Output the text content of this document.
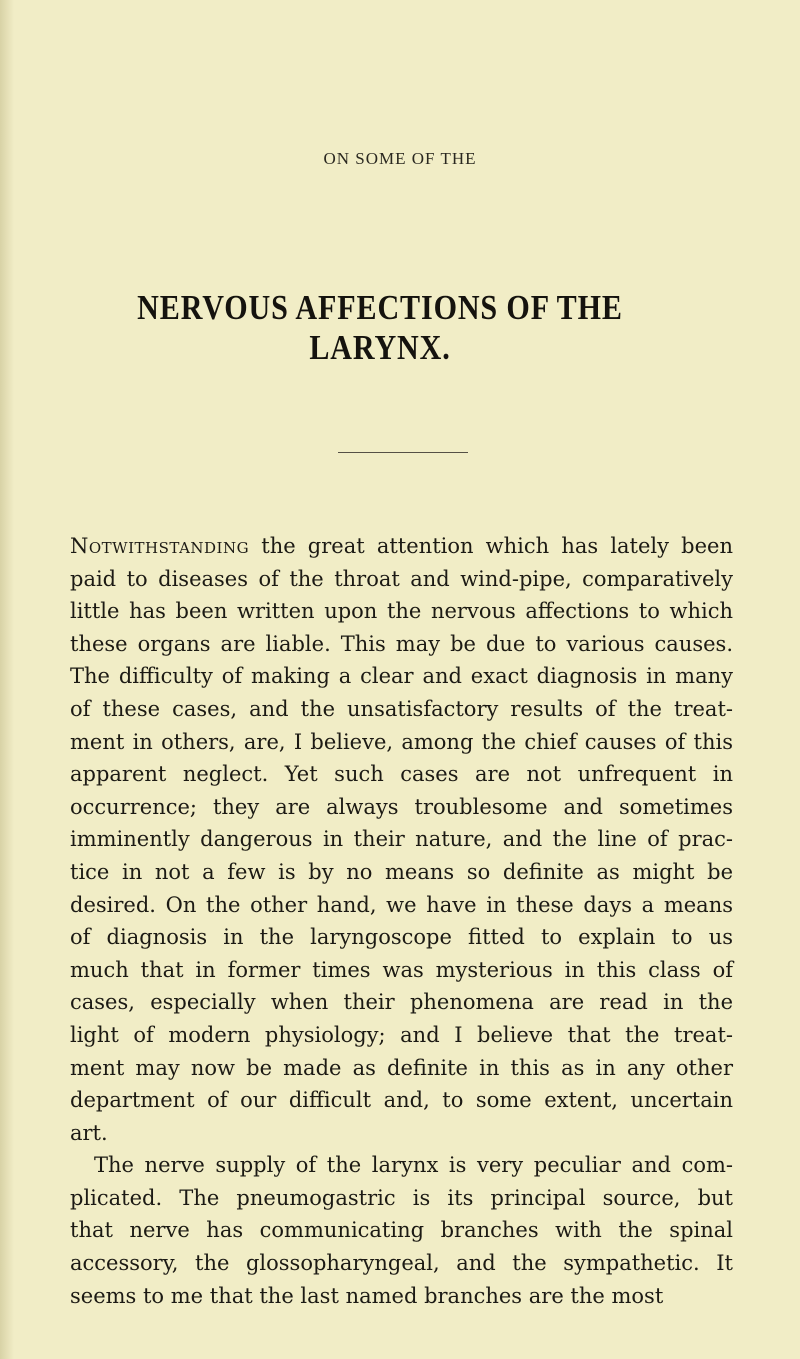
ON SOME OF THE
NERVOUS AFFECTIONS OF THE LARYNX.
Notwithstanding the great attention which has lately been
paid to diseases of the throat and wind-pipe, comparatively
little has been written upon the nervous affections to which
these organs are liable. This may be due to various causes.
The difficulty of making a clear and exact diagnosis in many
of these cases, and the unsatisfactory results of the treat-
ment in others, are, I believe, among the chief causes of this
apparent neglect. Yet such cases are not unfrequent in
occurrence; they are always troublesome and sometimes
imminently dangerous in their nature, and the line of prac-
tice in not a few is by no means so definite as might be
desired. On the other hand, we have in these days a means
of diagnosis in the laryngoscope fitted to explain to us
much that in former times was mysterious in this class of
cases, especially when their phenomena are read in the
light of modern physiology; and I believe that the treat-
ment may now be made as definite in this as in any other
department of our difficult and, to some extent, uncertain
art.
The nerve supply of the larynx is very peculiar and com-
plicated. The pneumogastric is its principal source, but
that nerve has communicating branches with the spinal
accessory, the glossopharyngeal, and the sympathetic. It
seems to me that the last named branches are the most
